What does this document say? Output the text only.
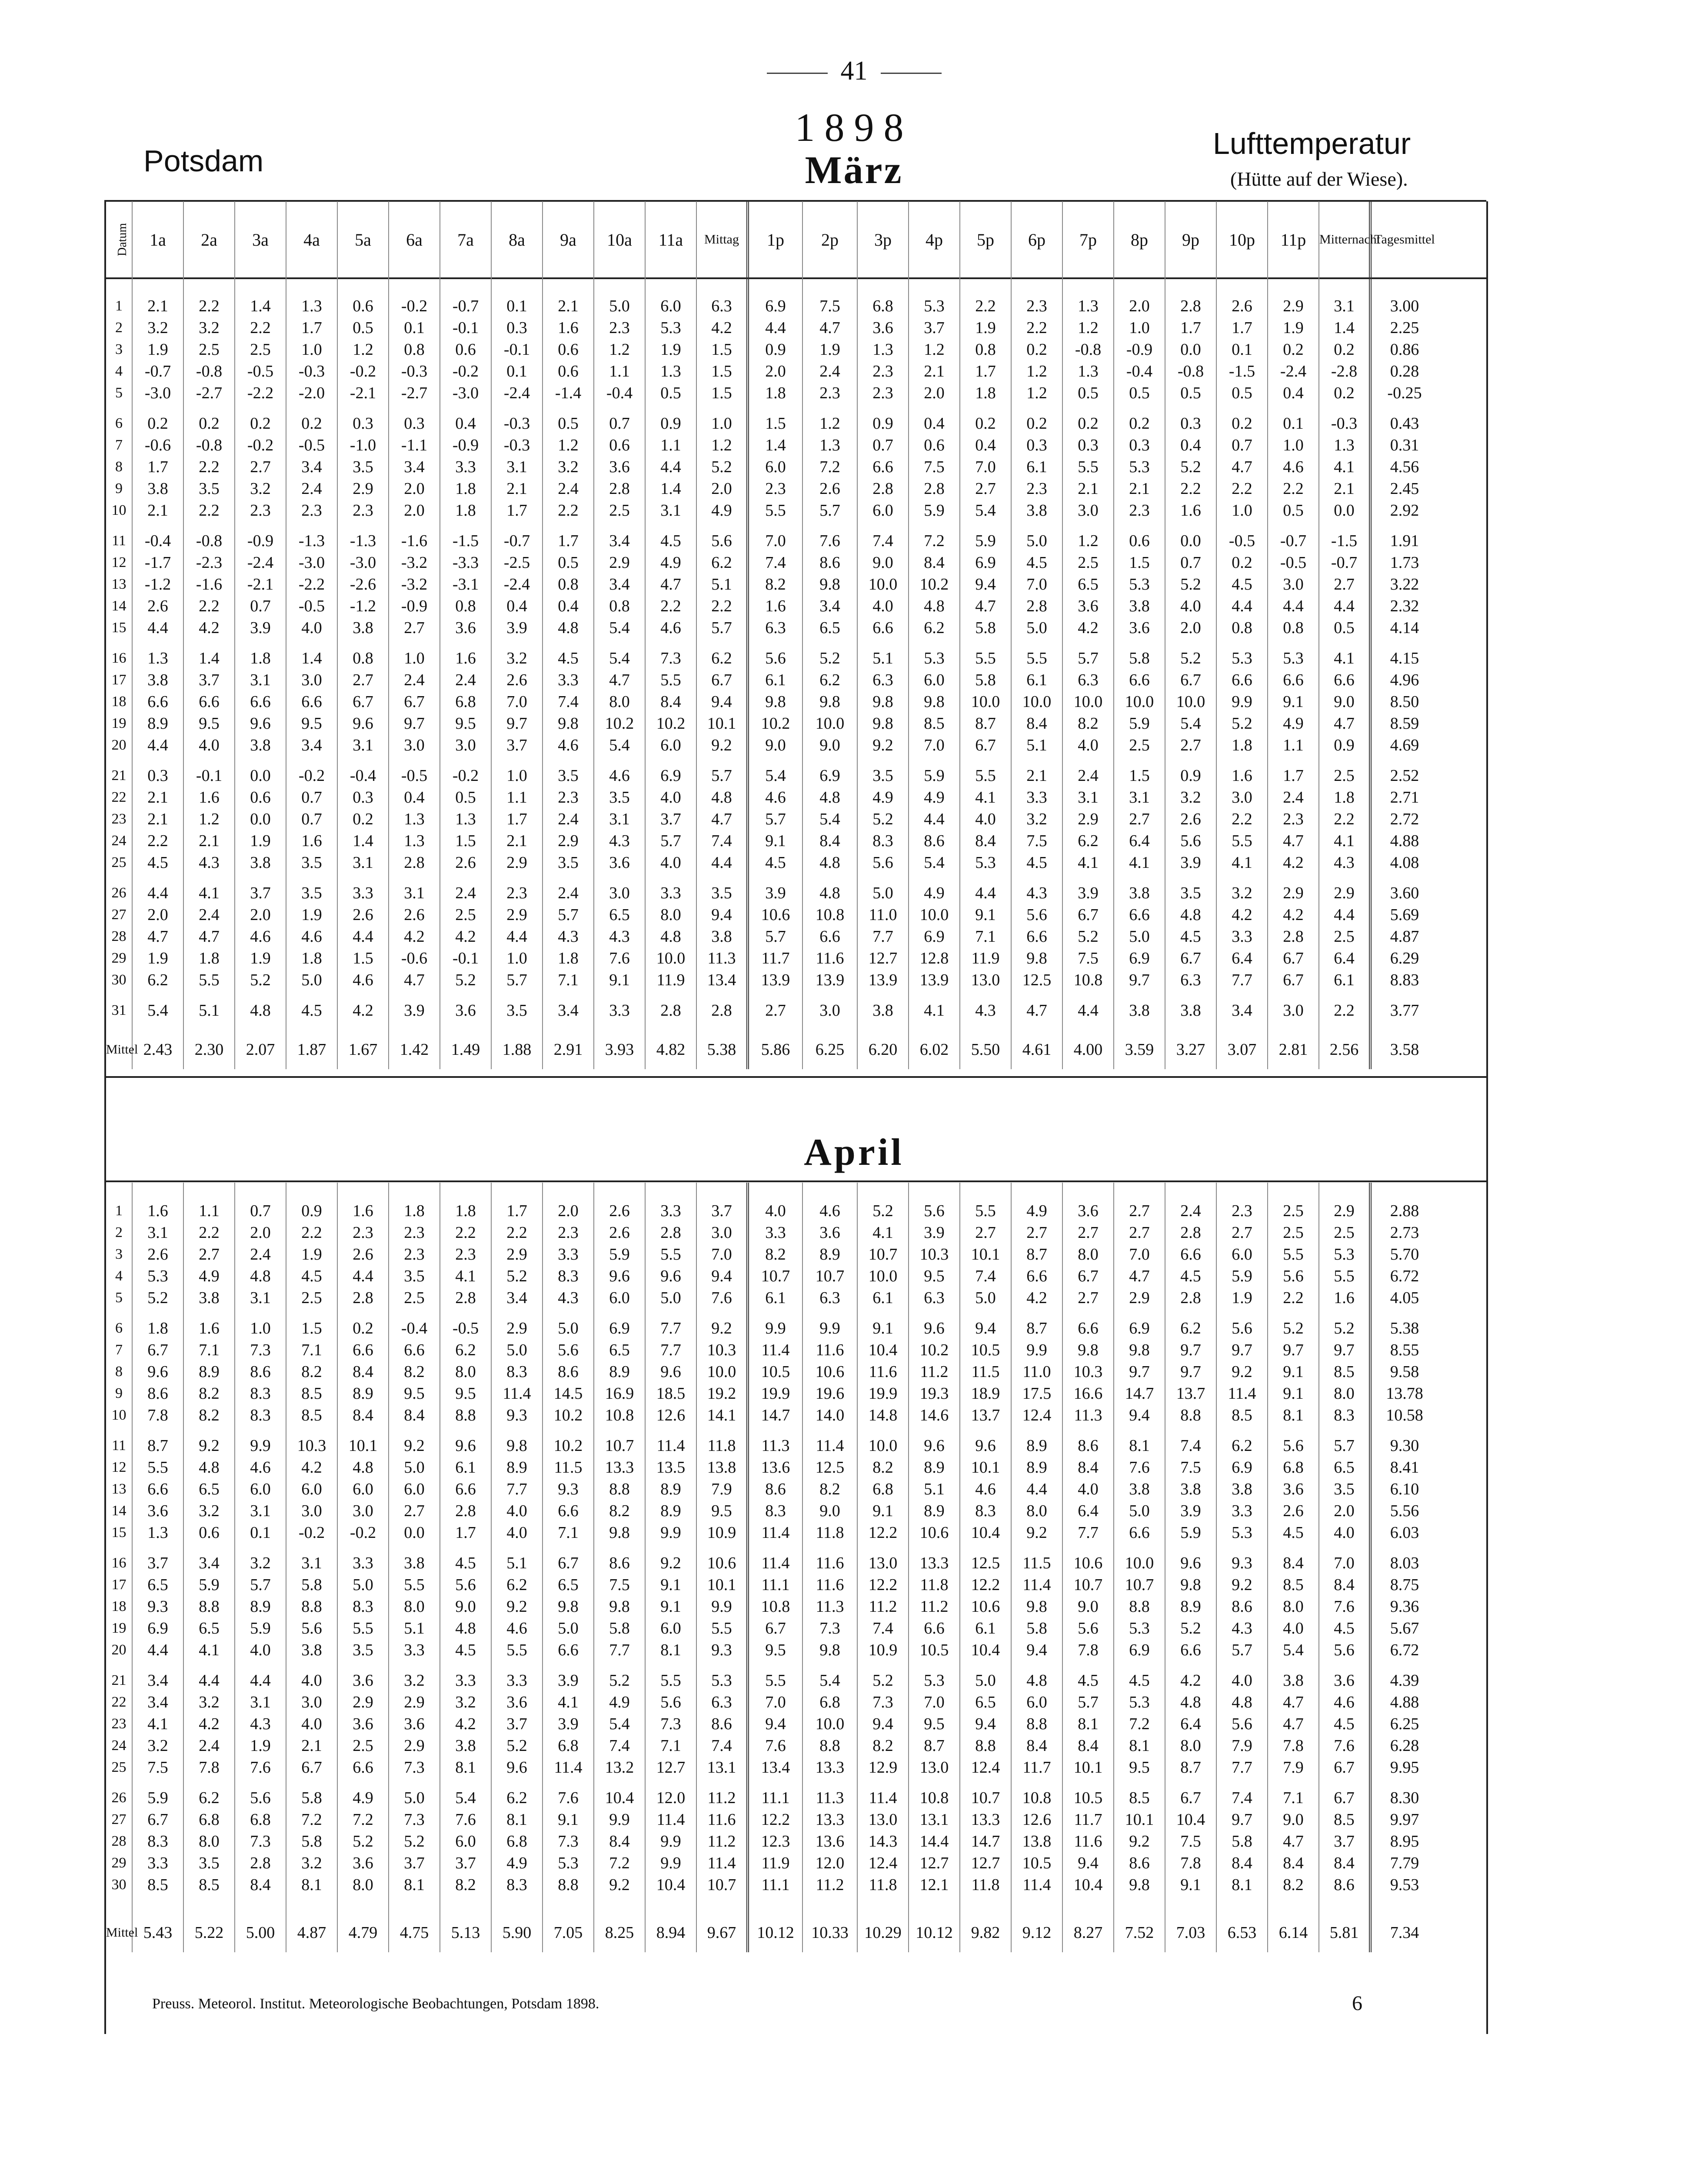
41
1898
Potsdam
Lufttemperatur
(Hütte auf der Wiese).
März
Datum	1a	2a	3a	4a	5a	6a	7a	8a	9a	10a	11a	Mittag	1p	2p	3p	4p	5p	6p	7p	8p	9p	10p	11p	Mitternacht	Tagesmittel

1	2.1	2.2	1.4	1.3	0.6	-0.2	-0.7	0.1	2.1	5.0	6.0	6.3	6.9	7.5	6.8	5.3	2.2	2.3	1.3	2.0	2.8	2.6	2.9	3.1	3.00
2	3.2	3.2	2.2	1.7	0.5	0.1	-0.1	0.3	1.6	2.3	5.3	4.2	4.4	4.7	3.6	3.7	1.9	2.2	1.2	1.0	1.7	1.7	1.9	1.4	2.25
3	1.9	2.5	2.5	1.0	1.2	0.8	0.6	-0.1	0.6	1.2	1.9	1.5	0.9	1.9	1.3	1.2	0.8	0.2	-0.8	-0.9	0.0	0.1	0.2	0.2	0.86
4	-0.7	-0.8	-0.5	-0.3	-0.2	-0.3	-0.2	0.1	0.6	1.1	1.3	1.5	2.0	2.4	2.3	2.1	1.7	1.2	1.3	-0.4	-0.8	-1.5	-2.4	-2.8	0.28
5	-3.0	-2.7	-2.2	-2.0	-2.1	-2.7	-3.0	-2.4	-1.4	-0.4	0.5	1.5	1.8	2.3	2.3	2.0	1.8	1.2	0.5	0.5	0.5	0.5	0.4	0.2	-0.25

6	0.2	0.2	0.2	0.2	0.3	0.3	0.4	-0.3	0.5	0.7	0.9	1.0	1.5	1.2	0.9	0.4	0.2	0.2	0.2	0.2	0.3	0.2	0.1	-0.3	0.43
7	-0.6	-0.8	-0.2	-0.5	-1.0	-1.1	-0.9	-0.3	1.2	0.6	1.1	1.2	1.4	1.3	0.7	0.6	0.4	0.3	0.3	0.3	0.4	0.7	1.0	1.3	0.31
8	1.7	2.2	2.7	3.4	3.5	3.4	3.3	3.1	3.2	3.6	4.4	5.2	6.0	7.2	6.6	7.5	7.0	6.1	5.5	5.3	5.2	4.7	4.6	4.1	4.56
9	3.8	3.5	3.2	2.4	2.9	2.0	1.8	2.1	2.4	2.8	1.4	2.0	2.3	2.6	2.8	2.8	2.7	2.3	2.1	2.1	2.2	2.2	2.2	2.1	2.45
10	2.1	2.2	2.3	2.3	2.3	2.0	1.8	1.7	2.2	2.5	3.1	4.9	5.5	5.7	6.0	5.9	5.4	3.8	3.0	2.3	1.6	1.0	0.5	0.0	2.92

11	-0.4	-0.8	-0.9	-1.3	-1.3	-1.6	-1.5	-0.7	1.7	3.4	4.5	5.6	7.0	7.6	7.4	7.2	5.9	5.0	1.2	0.6	0.0	-0.5	-0.7	-1.5	1.91
12	-1.7	-2.3	-2.4	-3.0	-3.0	-3.2	-3.3	-2.5	0.5	2.9	4.9	6.2	7.4	8.6	9.0	8.4	6.9	4.5	2.5	1.5	0.7	0.2	-0.5	-0.7	1.73
13	-1.2	-1.6	-2.1	-2.2	-2.6	-3.2	-3.1	-2.4	0.8	3.4	4.7	5.1	8.2	9.8	10.0	10.2	9.4	7.0	6.5	5.3	5.2	4.5	3.0	2.7	3.22
14	2.6	2.2	0.7	-0.5	-1.2	-0.9	0.8	0.4	0.4	0.8	2.2	2.2	1.6	3.4	4.0	4.8	4.7	2.8	3.6	3.8	4.0	4.4	4.4	4.4	2.32
15	4.4	4.2	3.9	4.0	3.8	2.7	3.6	3.9	4.8	5.4	4.6	5.7	6.3	6.5	6.6	6.2	5.8	5.0	4.2	3.6	2.0	0.8	0.8	0.5	4.14

16	1.3	1.4	1.8	1.4	0.8	1.0	1.6	3.2	4.5	5.4	7.3	6.2	5.6	5.2	5.1	5.3	5.5	5.5	5.7	5.8	5.2	5.3	5.3	4.1	4.15
17	3.8	3.7	3.1	3.0	2.7	2.4	2.4	2.6	3.3	4.7	5.5	6.7	6.1	6.2	6.3	6.0	5.8	6.1	6.3	6.6	6.7	6.6	6.6	6.6	4.96
18	6.6	6.6	6.6	6.6	6.7	6.7	6.8	7.0	7.4	8.0	8.4	9.4	9.8	9.8	9.8	9.8	10.0	10.0	10.0	10.0	10.0	9.9	9.1	9.0	8.50
19	8.9	9.5	9.6	9.5	9.6	9.7	9.5	9.7	9.8	10.2	10.2	10.1	10.2	10.0	9.8	8.5	8.7	8.4	8.2	5.9	5.4	5.2	4.9	4.7	8.59
20	4.4	4.0	3.8	3.4	3.1	3.0	3.0	3.7	4.6	5.4	6.0	9.2	9.0	9.0	9.2	7.0	6.7	5.1	4.0	2.5	2.7	1.8	1.1	0.9	4.69

21	0.3	-0.1	0.0	-0.2	-0.4	-0.5	-0.2	1.0	3.5	4.6	6.9	5.7	5.4	6.9	3.5	5.9	5.5	2.1	2.4	1.5	0.9	1.6	1.7	2.5	2.52
22	2.1	1.6	0.6	0.7	0.3	0.4	0.5	1.1	2.3	3.5	4.0	4.8	4.6	4.8	4.9	4.9	4.1	3.3	3.1	3.1	3.2	3.0	2.4	1.8	2.71
23	2.1	1.2	0.0	0.7	0.2	1.3	1.3	1.7	2.4	3.1	3.7	4.7	5.7	5.4	5.2	4.4	4.0	3.2	2.9	2.7	2.6	2.2	2.3	2.2	2.72
24	2.2	2.1	1.9	1.6	1.4	1.3	1.5	2.1	2.9	4.3	5.7	7.4	9.1	8.4	8.3	8.6	8.4	7.5	6.2	6.4	5.6	5.5	4.7	4.1	4.88
25	4.5	4.3	3.8	3.5	3.1	2.8	2.6	2.9	3.5	3.6	4.0	4.4	4.5	4.8	5.6	5.4	5.3	4.5	4.1	4.1	3.9	4.1	4.2	4.3	4.08

26	4.4	4.1	3.7	3.5	3.3	3.1	2.4	2.3	2.4	3.0	3.3	3.5	3.9	4.8	5.0	4.9	4.4	4.3	3.9	3.8	3.5	3.2	2.9	2.9	3.60
27	2.0	2.4	2.0	1.9	2.6	2.6	2.5	2.9	5.7	6.5	8.0	9.4	10.6	10.8	11.0	10.0	9.1	5.6	6.7	6.6	4.8	4.2	4.2	4.4	5.69
28	4.7	4.7	4.6	4.6	4.4	4.2	4.2	4.4	4.3	4.3	4.8	3.8	5.7	6.6	7.7	6.9	7.1	6.6	5.2	5.0	4.5	3.3	2.8	2.5	4.87
29	1.9	1.8	1.9	1.8	1.5	-0.6	-0.1	1.0	1.8	7.6	10.0	11.3	11.7	11.6	12.7	12.8	11.9	9.8	7.5	6.9	6.7	6.4	6.7	6.4	6.29
30	6.2	5.5	5.2	5.0	4.6	4.7	5.2	5.7	7.1	9.1	11.9	13.4	13.9	13.9	13.9	13.9	13.0	12.5	10.8	9.7	6.3	7.7	6.7	6.1	8.83

31	5.4	5.1	4.8	4.5	4.2	3.9	3.6	3.5	3.4	3.3	2.8	2.8	2.7	3.0	3.8	4.1	4.3	4.7	4.4	3.8	3.8	3.4	3.0	2.2	3.77

Mittel	2.43	2.30	2.07	1.87	1.67	1.42	1.49	1.88	2.91	3.93	4.82	5.38	5.86	6.25	6.20	6.02	5.50	4.61	4.00	3.59	3.27	3.07	2.81	2.56	3.58
April

1	1.6	1.1	0.7	0.9	1.6	1.8	1.8	1.7	2.0	2.6	3.3	3.7	4.0	4.6	5.2	5.6	5.5	4.9	3.6	2.7	2.4	2.3	2.5	2.9	2.88
2	3.1	2.2	2.0	2.2	2.3	2.3	2.2	2.2	2.3	2.6	2.8	3.0	3.3	3.6	4.1	3.9	2.7	2.7	2.7	2.7	2.8	2.7	2.5	2.5	2.73
3	2.6	2.7	2.4	1.9	2.6	2.3	2.3	2.9	3.3	5.9	5.5	7.0	8.2	8.9	10.7	10.3	10.1	8.7	8.0	7.0	6.6	6.0	5.5	5.3	5.70
4	5.3	4.9	4.8	4.5	4.4	3.5	4.1	5.2	8.3	9.6	9.6	9.4	10.7	10.7	10.0	9.5	7.4	6.6	6.7	4.7	4.5	5.9	5.6	5.5	6.72
5	5.2	3.8	3.1	2.5	2.8	2.5	2.8	3.4	4.3	6.0	5.0	7.6	6.1	6.3	6.1	6.3	5.0	4.2	2.7	2.9	2.8	1.9	2.2	1.6	4.05

6	1.8	1.6	1.0	1.5	0.2	-0.4	-0.5	2.9	5.0	6.9	7.7	9.2	9.9	9.9	9.1	9.6	9.4	8.7	6.6	6.9	6.2	5.6	5.2	5.2	5.38
7	6.7	7.1	7.3	7.1	6.6	6.6	6.2	5.0	5.6	6.5	7.7	10.3	11.4	11.6	10.4	10.2	10.5	9.9	9.8	9.8	9.7	9.7	9.7	9.7	8.55
8	9.6	8.9	8.6	8.2	8.4	8.2	8.0	8.3	8.6	8.9	9.6	10.0	10.5	10.6	11.6	11.2	11.5	11.0	10.3	9.7	9.7	9.2	9.1	8.5	9.58
9	8.6	8.2	8.3	8.5	8.9	9.5	9.5	11.4	14.5	16.9	18.5	19.2	19.9	19.6	19.9	19.3	18.9	17.5	16.6	14.7	13.7	11.4	9.1	8.0	13.78
10	7.8	8.2	8.3	8.5	8.4	8.4	8.8	9.3	10.2	10.8	12.6	14.1	14.7	14.0	14.8	14.6	13.7	12.4	11.3	9.4	8.8	8.5	8.1	8.3	10.58

11	8.7	9.2	9.9	10.3	10.1	9.2	9.6	9.8	10.2	10.7	11.4	11.8	11.3	11.4	10.0	9.6	9.6	8.9	8.6	8.1	7.4	6.2	5.6	5.7	9.30
12	5.5	4.8	4.6	4.2	4.8	5.0	6.1	8.9	11.5	13.3	13.5	13.8	13.6	12.5	8.2	8.9	10.1	8.9	8.4	7.6	7.5	6.9	6.8	6.5	8.41
13	6.6	6.5	6.0	6.0	6.0	6.0	6.6	7.7	9.3	8.8	8.9	7.9	8.6	8.2	6.8	5.1	4.6	4.4	4.0	3.8	3.8	3.8	3.6	3.5	6.10
14	3.6	3.2	3.1	3.0	3.0	2.7	2.8	4.0	6.6	8.2	8.9	9.5	8.3	9.0	9.1	8.9	8.3	8.0	6.4	5.0	3.9	3.3	2.6	2.0	5.56
15	1.3	0.6	0.1	-0.2	-0.2	0.0	1.7	4.0	7.1	9.8	9.9	10.9	11.4	11.8	12.2	10.6	10.4	9.2	7.7	6.6	5.9	5.3	4.5	4.0	6.03

16	3.7	3.4	3.2	3.1	3.3	3.8	4.5	5.1	6.7	8.6	9.2	10.6	11.4	11.6	13.0	13.3	12.5	11.5	10.6	10.0	9.6	9.3	8.4	7.0	8.03
17	6.5	5.9	5.7	5.8	5.0	5.5	5.6	6.2	6.5	7.5	9.1	10.1	11.1	11.6	12.2	11.8	12.2	11.4	10.7	10.7	9.8	9.2	8.5	8.4	8.75
18	9.3	8.8	8.9	8.8	8.3	8.0	9.0	9.2	9.8	9.8	9.1	9.9	10.8	11.3	11.2	11.2	10.6	9.8	9.0	8.8	8.9	8.6	8.0	7.6	9.36
19	6.9	6.5	5.9	5.6	5.5	5.1	4.8	4.6	5.0	5.8	6.0	5.5	6.7	7.3	7.4	6.6	6.1	5.8	5.6	5.3	5.2	4.3	4.0	4.5	5.67
20	4.4	4.1	4.0	3.8	3.5	3.3	4.5	5.5	6.6	7.7	8.1	9.3	9.5	9.8	10.9	10.5	10.4	9.4	7.8	6.9	6.6	5.7	5.4	5.6	6.72

21	3.4	4.4	4.4	4.0	3.6	3.2	3.3	3.3	3.9	5.2	5.5	5.3	5.5	5.4	5.2	5.3	5.0	4.8	4.5	4.5	4.2	4.0	3.8	3.6	4.39
22	3.4	3.2	3.1	3.0	2.9	2.9	3.2	3.6	4.1	4.9	5.6	6.3	7.0	6.8	7.3	7.0	6.5	6.0	5.7	5.3	4.8	4.8	4.7	4.6	4.88
23	4.1	4.2	4.3	4.0	3.6	3.6	4.2	3.7	3.9	5.4	7.3	8.6	9.4	10.0	9.4	9.5	9.4	8.8	8.1	7.2	6.4	5.6	4.7	4.5	6.25
24	3.2	2.4	1.9	2.1	2.5	2.9	3.8	5.2	6.8	7.4	7.1	7.4	7.6	8.8	8.2	8.7	8.8	8.4	8.4	8.1	8.0	7.9	7.8	7.6	6.28
25	7.5	7.8	7.6	6.7	6.6	7.3	8.1	9.6	11.4	13.2	12.7	13.1	13.4	13.3	12.9	13.0	12.4	11.7	10.1	9.5	8.7	7.7	7.9	6.7	9.95

26	5.9	6.2	5.6	5.8	4.9	5.0	5.4	6.2	7.6	10.4	12.0	11.2	11.1	11.3	11.4	10.8	10.7	10.8	10.5	8.5	6.7	7.4	7.1	6.7	8.30
27	6.7	6.8	6.8	7.2	7.2	7.3	7.6	8.1	9.1	9.9	11.4	11.6	12.2	13.3	13.0	13.1	13.3	12.6	11.7	10.1	10.4	9.7	9.0	8.5	9.97
28	8.3	8.0	7.3	5.8	5.2	5.2	6.0	6.8	7.3	8.4	9.9	11.2	12.3	13.6	14.3	14.4	14.7	13.8	11.6	9.2	7.5	5.8	4.7	3.7	8.95
29	3.3	3.5	2.8	3.2	3.6	3.7	3.7	4.9	5.3	7.2	9.9	11.4	11.9	12.0	12.4	12.7	12.7	10.5	9.4	8.6	7.8	8.4	8.4	8.4	7.79
30	8.5	8.5	8.4	8.1	8.0	8.1	8.2	8.3	8.8	9.2	10.4	10.7	11.1	11.2	11.8	12.1	11.8	11.4	10.4	9.8	9.1	8.1	8.2	8.6	9.53

Mittel	5.43	5.22	5.00	4.87	4.79	4.75	5.13	5.90	7.05	8.25	8.94	9.67	10.12	10.33	10.29	10.12	9.82	9.12	8.27	7.52	7.03	6.53	6.14	5.81	7.34
Preuss. Meteorol. Institut. Meteorologische Beobachtungen, Potsdam 1898.	6
